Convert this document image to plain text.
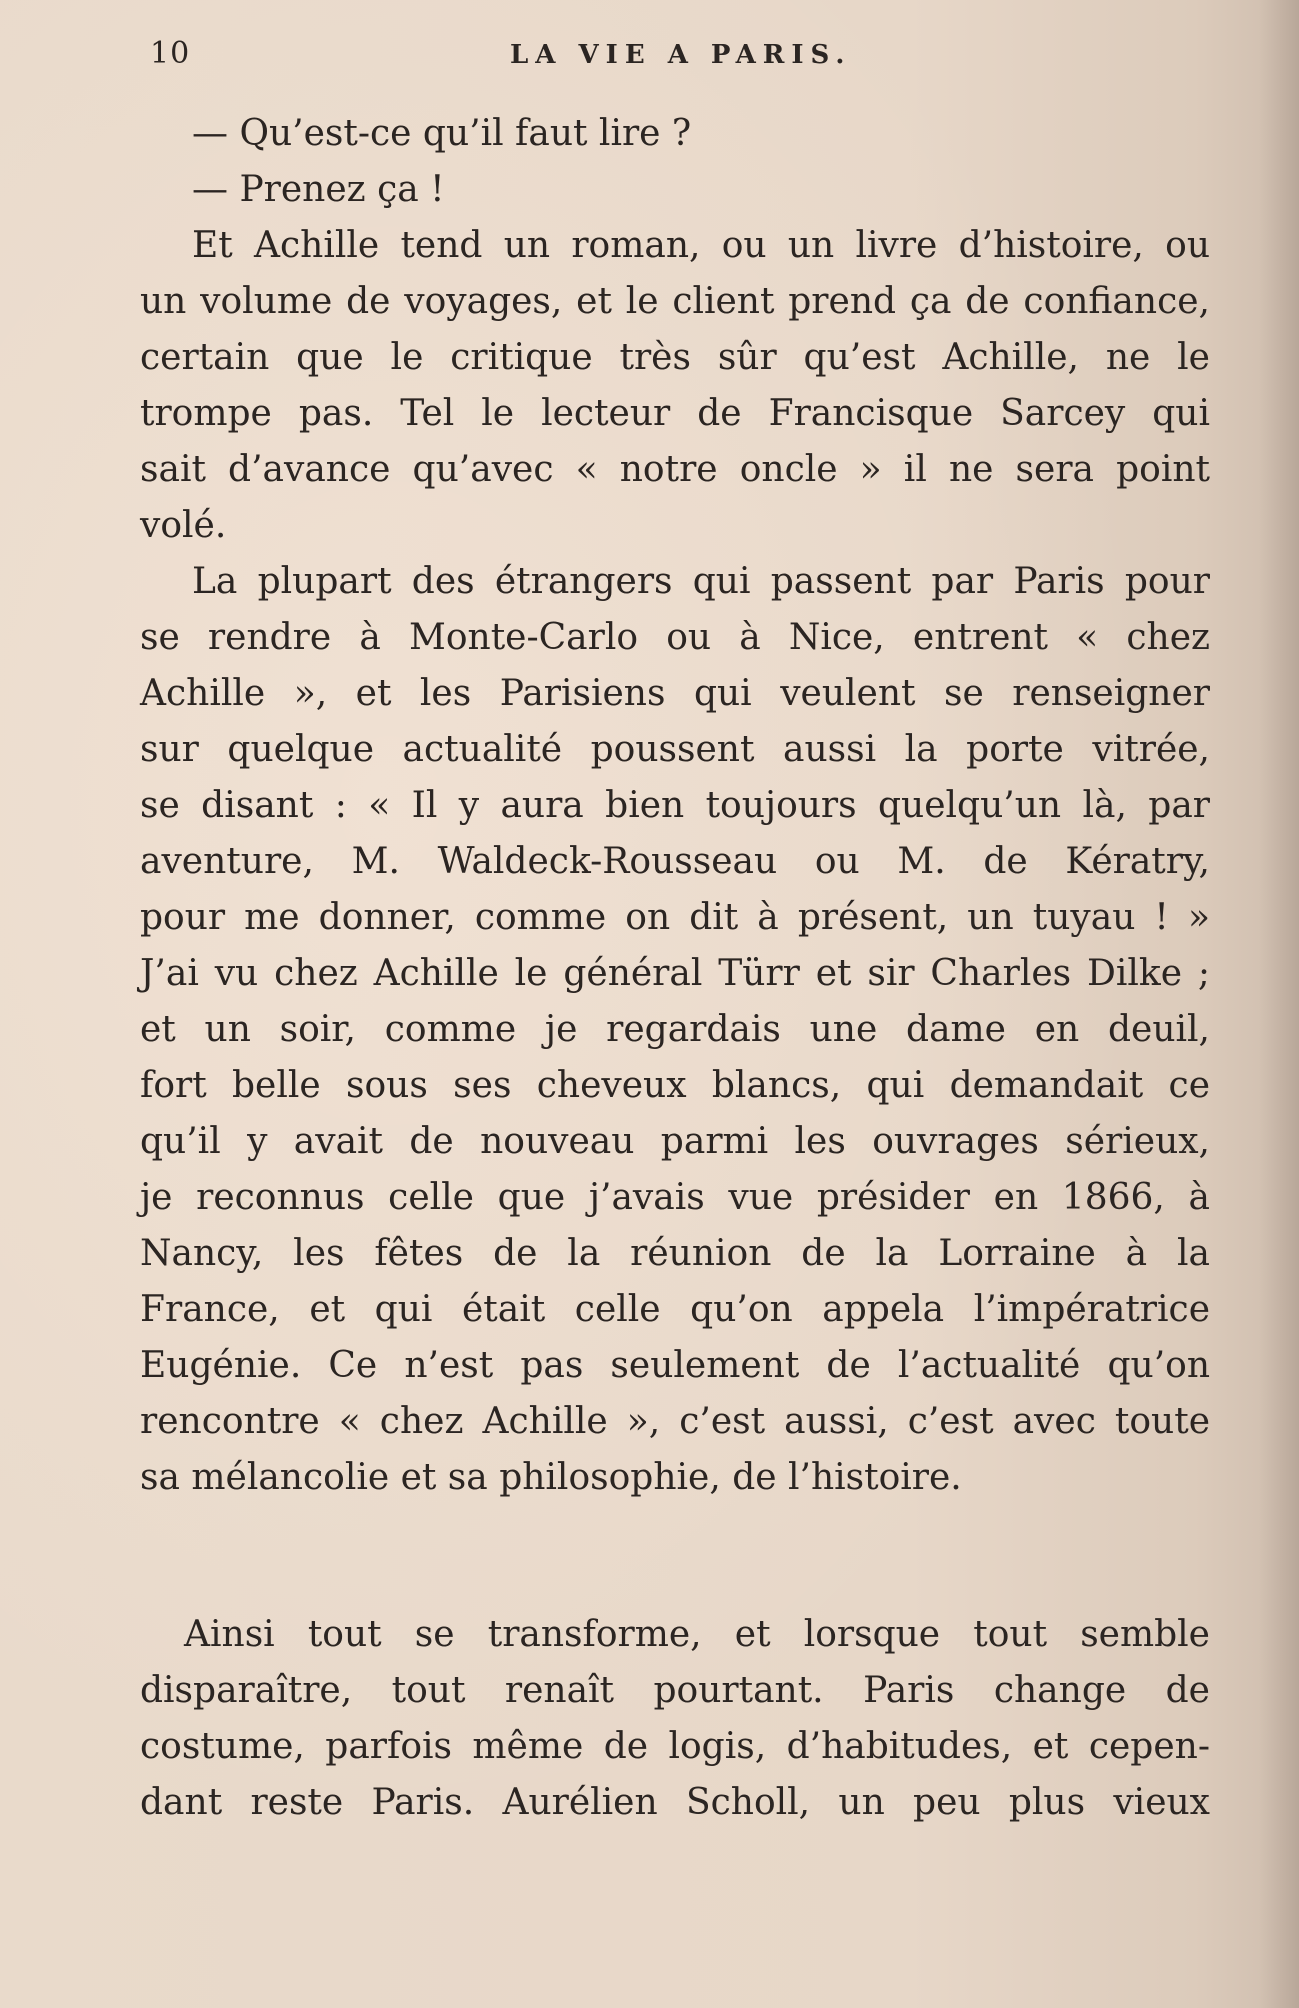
10	LA VIE A PARIS.
— Qu’est-ce qu’il faut lire ?
— Prenez ça !
Et Achille tend un roman, ou un livre d’histoire, ou
un volume de voyages, et le client prend ça de confiance,
certain que le critique très sûr qu’est Achille, ne le
trompe pas. Tel le lecteur de Francisque Sarcey qui
sait d’avance qu’avec « notre oncle » il ne sera point
volé.
La plupart des étrangers qui passent par Paris pour
se rendre à Monte-Carlo ou à Nice, entrent « chez
Achille », et les Parisiens qui veulent se renseigner
sur quelque actualité poussent aussi la porte vitrée,
se disant : « Il y aura bien toujours quelqu’un là, par
aventure, M. Waldeck-Rousseau ou M. de Kératry,
pour me donner, comme on dit à présent, un tuyau ! »
J’ai vu chez Achille le général Türr et sir Charles Dilke ;
et un soir, comme je regardais une dame en deuil,
fort belle sous ses cheveux blancs, qui demandait ce
qu’il y avait de nouveau parmi les ouvrages sérieux,
je reconnus celle que j’avais vue présider en 1866, à
Nancy, les fêtes de la réunion de la Lorraine à la
France, et qui était celle qu’on appela l’impératrice
Eugénie. Ce n’est pas seulement de l’actualité qu’on
rencontre « chez Achille », c’est aussi, c’est avec toute
sa mélancolie et sa philosophie, de l’histoire.
Ainsi tout se transforme, et lorsque tout semble
disparaître, tout renaît pourtant. Paris change de
costume, parfois même de logis, d’habitudes, et cepen-
dant reste Paris. Aurélien Scholl, un peu plus vieux
